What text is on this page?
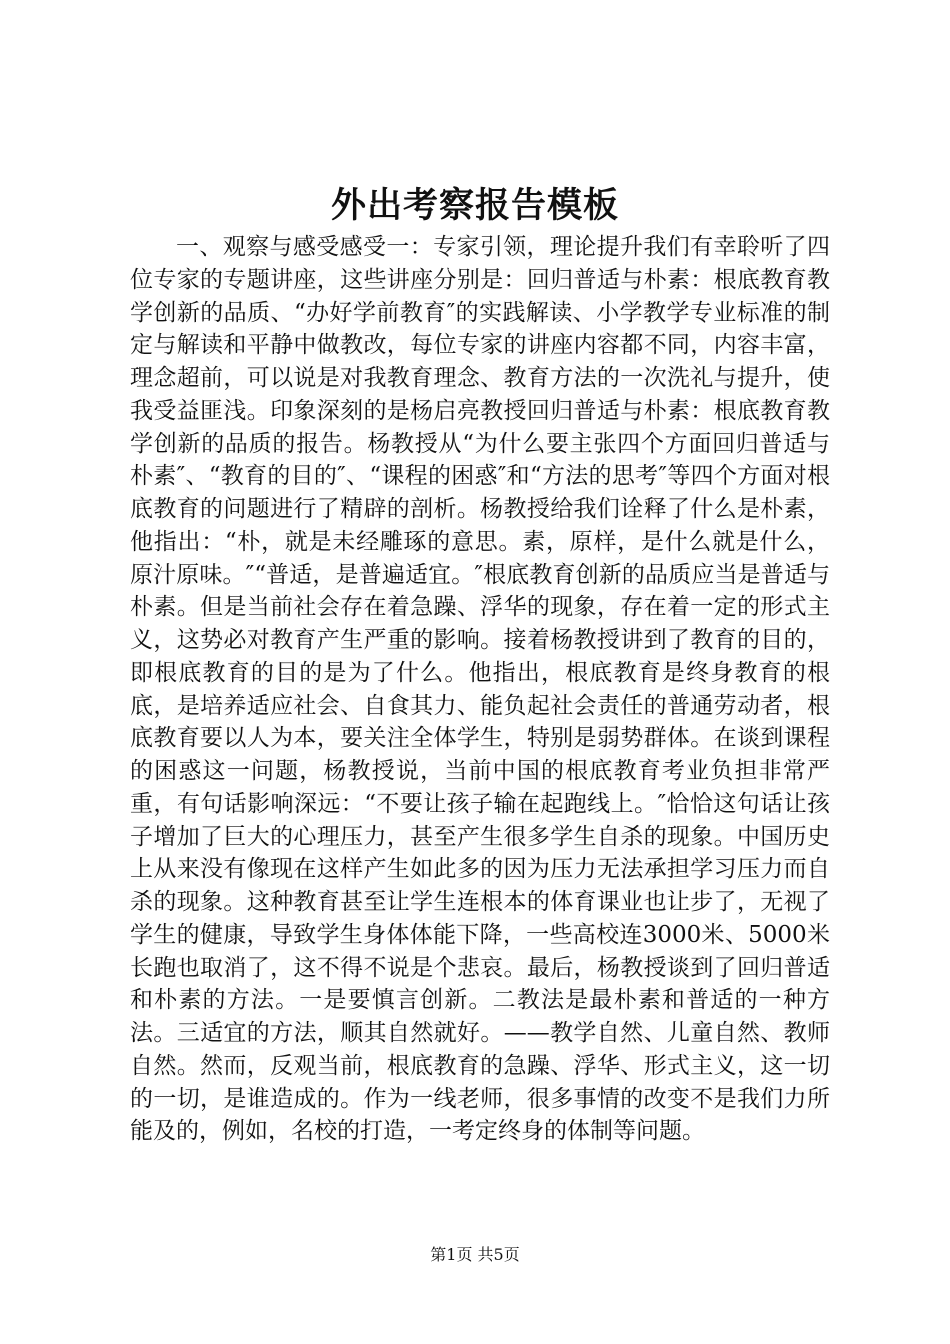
外出考察报告模板

一、观察与感受感受一：专家引领，理论提升我们有幸聆听了四位专家的专题讲座，这些讲座分别是：回归普适与朴素：根底教育教学创新的品质、“办好学前教育″的实践解读、小学教学专业标准的制定与解读和平静中做教改，每位专家的讲座内容都不同，内容丰富，理念超前，可以说是对我教育理念、教育方法的一次洗礼与提升，使我受益匪浅。印象深刻的是杨启亮教授回归普适与朴素：根底教育教学创新的品质的报告。杨教授从“为什么要主张四个方面回归普适与朴素″、“教育的目的″、“课程的困惑″和“方法的思考″等四个方面对根底教育的问题进行了精辟的剖析。杨教授给我们诠释了什么是朴素，他指出：“朴，就是未经雕琢的意思。素，原样，是什么就是什么，原汁原味。″“普适，是普遍适宜。″根底教育创新的品质应当是普适与朴素。但是当前社会存在着急躁、浮华的现象，存在着一定的形式主义，这势必对教育产生严重的影响。接着杨教授讲到了教育的目的，即根底教育的目的是为了什么。他指出，根底教育是终身教育的根底，是培养适应社会、自食其力、能负起社会责任的普通劳动者，根底教育要以人为本，要关注全体学生，特别是弱势群体。在谈到课程的困惑这一问题，杨教授说，当前中国的根底教育考业负担非常严重，有句话影响深远：“不要让孩子输在起跑线上。″恰恰这句话让孩子增加了巨大的心理压力，甚至产生很多学生自杀的现象。中国历史上从来没有像现在这样产生如此多的因为压力无法承担学习压力而自杀的现象。这种教育甚至让学生连根本的体育课业也让步了，无视了学生的健康，导致学生身体体能下降，一些高校连3000米、5000米长跑也取消了，这不得不说是个悲哀。最后，杨教授谈到了回归普适和朴素的方法。一是要慎言创新。二教法是最朴素和普适的一种方法。三适宜的方法，顺其自然就好。——教学自然、儿童自然、教师自然。然而，反观当前，根底教育的急躁、浮华、形式主义，这一切的一切，是谁造成的。作为一线老师，很多事情的改变不是我们力所能及的，例如，名校的打造，一考定终身的体制等问题。

第1页 共5页
